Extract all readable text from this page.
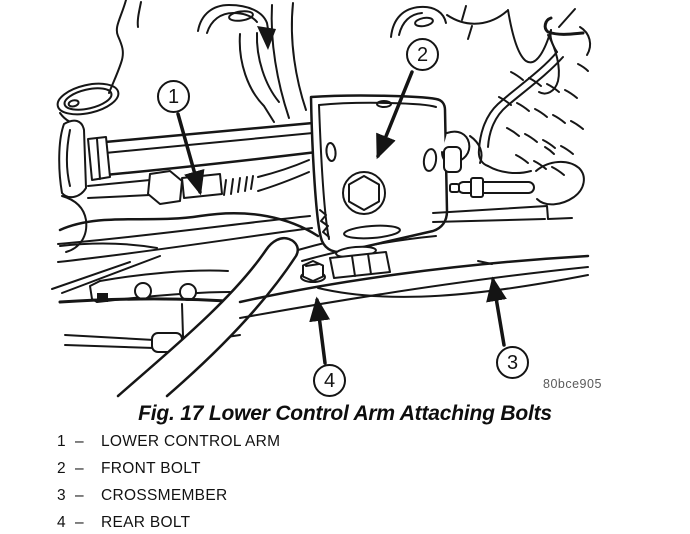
1
2
3
4	80bce905
Fig. 17 Lower Control Arm Attaching Bolts
1 –	LOWER CONTROL ARM
2 –	FRONT BOLT
3 –	CROSSMEMBER
4 –	REAR BOLT
